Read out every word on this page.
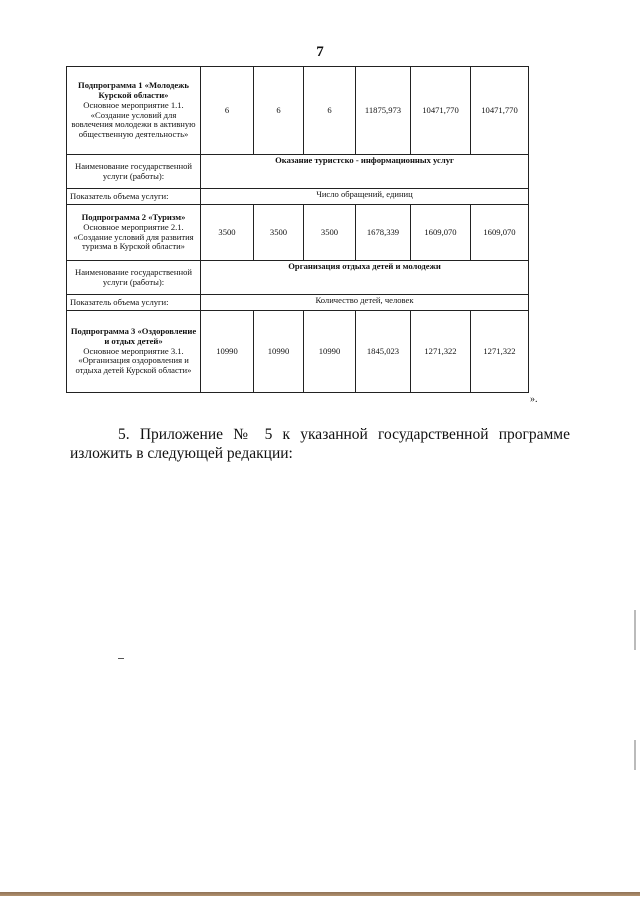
7
Подпрограмма 1 «Молодежь Курской области»
Основное мероприятие 1.1. «Создание условий для вовлечения молодежи в активную общественную деятельность»	6	6	6	11875,973	10471,770	10471,770
Наименование государственной услуги (работы):	Оказание туристско - информационных услуг					
Показатель объема услуги:	Число обращений, единиц					

Подпрограмма 2 «Туризм»
Основное мероприятие 2.1. «Создание условий для развития туризма в Курской области»	3500	3500	3500	1678,339	1609,070	1609,070
Наименование государственной услуги (работы):	Организация отдыха детей и молодежи					
Показатель объема услуги:	Количество детей, человек					

Подпрограмма 3 «Оздоровление и отдых детей»
Основное мероприятие 3.1. «Организация оздоровления и отдыха детей Курской области»	10990	10990	10990	1845,023	1271,322	1271,322
».
5. Приложение № 5 к указанной государственной программе
изложить в следующей редакции:
